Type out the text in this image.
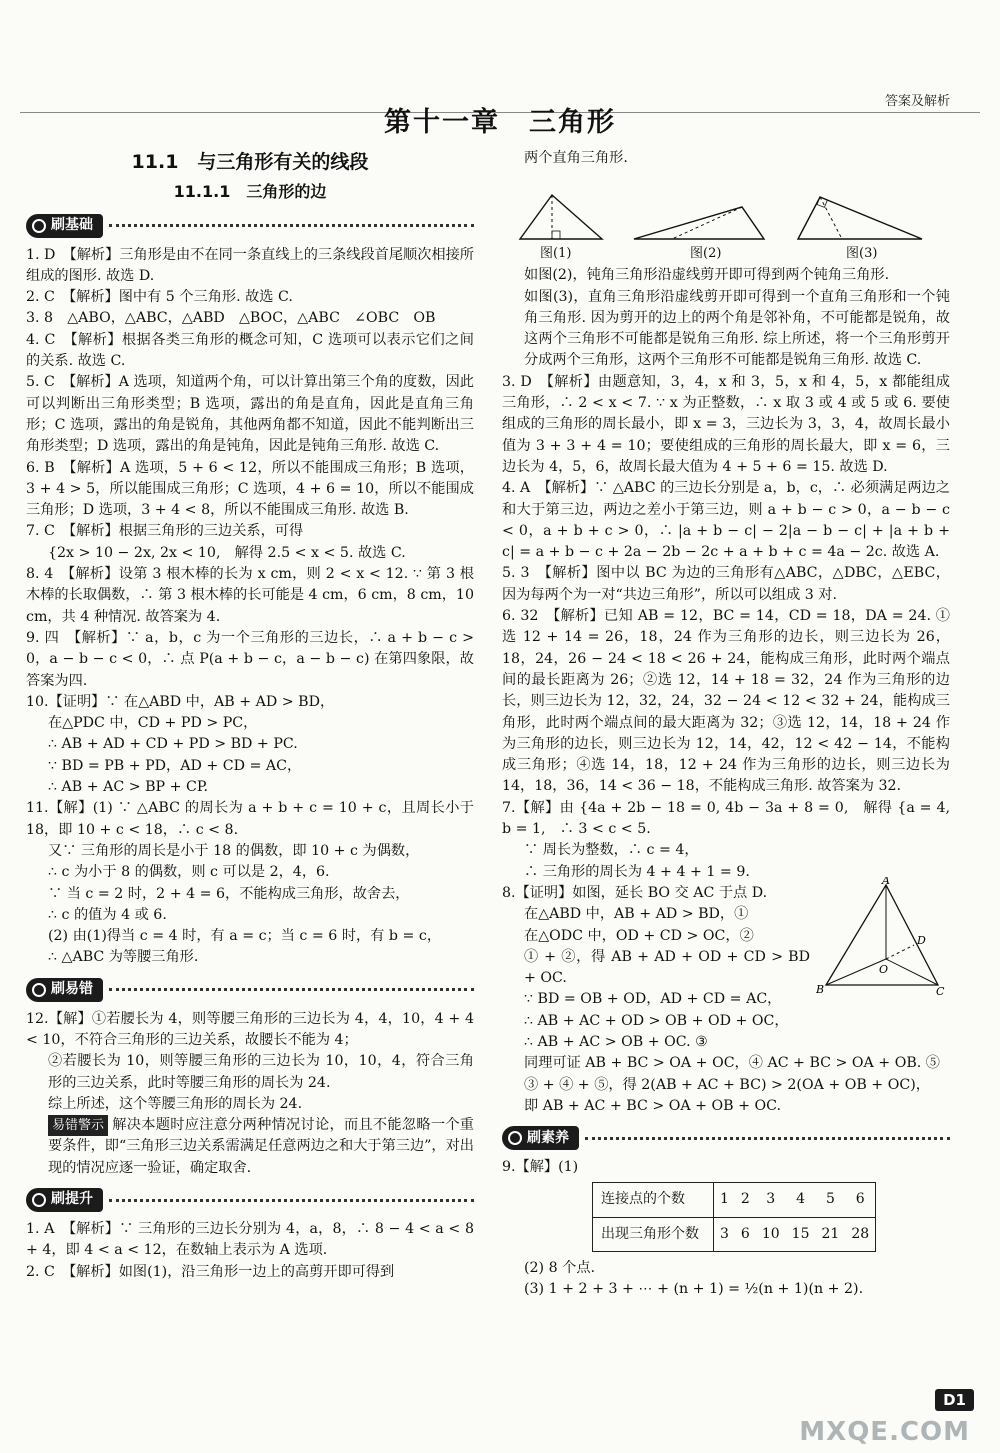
答案及解析
第十一章　三角形
11.1　与三角形有关的线段
11.1.1　三角形的边
刷基础

1. D　【解析】三角形是由不在同一条直线上的三条线段首尾顺次相接所组成的图形. 故选 D.

2. C　【解析】图中有 5 个三角形. 故选 C.

3. 8　△ABO，△ABC，△ABD　△BOC，△ABC　∠OBC　OB

4. C　【解析】根据各类三角形的概念可知，C 选项可以表示它们之间的关系. 故选 C.

5. C　【解析】A 选项，知道两个角，可以计算出第三个角的度数，因此可以判断出三角形类型；B 选项，露出的角是直角，因此是直角三角形；C 选项，露出的角是锐角，其他两角都不知道，因此不能判断出三角形类型；D 选项，露出的角是钝角，因此是钝角三角形. 故选 C.

6. B　【解析】A 选项，5 + 6 < 12，所以不能围成三角形；B 选项，3 + 4 > 5，所以能围成三角形；C 选项，4 + 6 = 10，所以不能围成三角形；D 选项，3 + 4 < 8，所以不能围成三角形. 故选 B.

7. C　【解析】根据三角形的三边关系，可得

{2x > 10 − 2x, 2x < 10,　解得 2.5 < x < 5. 故选 C.

8. 4　【解析】设第 3 根木棒的长为 x cm，则 2 < x < 12. ∵ 第 3 根木棒的长取偶数，∴ 第 3 根木棒的长可能是 4 cm，6 cm，8 cm，10 cm，共 4 种情况. 故答案为 4.

9. 四　【解析】∵ a，b，c 为一个三角形的三边长，∴ a + b − c > 0，a − b − c < 0，∴ 点 P(a + b − c，a − b − c) 在第四象限，故答案为四.

10.【证明】∵ 在△ABD 中，AB + AD > BD，

在△PDC 中，CD + PD > PC，

∴ AB + AD + CD + PD > BD + PC.

∵ BD = PB + PD，AD + CD = AC，

∴ AB + AC > BP + CP.

11.【解】(1) ∵ △ABC 的周长为 a + b + c = 10 + c，且周长小于 18，即 10 + c < 18，∴ c < 8.

又∵ 三角形的周长是小于 18 的偶数，即 10 + c 为偶数，

∴ c 为小于 8 的偶数，则 c 可以是 2，4，6.

∵ 当 c = 2 时，2 + 4 = 6，不能构成三角形，故舍去，

∴ c 的值为 4 或 6.

(2) 由(1)得当 c = 4 时，有 a = c；当 c = 6 时，有 b = c，

∴ △ABC 为等腰三角形.

刷易错

12.【解】①若腰长为 4，则等腰三角形的三边长为 4，4，10，4 + 4 < 10，不符合三角形的三边关系，故腰长不能为 4；

②若腰长为 10，则等腰三角形的三边长为 10，10，4，符合三角形的三边关系，此时等腰三角形的周长为 24.

综上所述，这个等腰三角形的周长为 24.

易错警示 解决本题时应注意分两种情况讨论，而且不能忽略一个重要条件，即“三角形三边关系需满足任意两边之和大于第三边”，对出现的情况应逐一验证，确定取舍.

刷提升

1. A　【解析】∵ 三角形的三边长分别为 4，a，8，∴ 8 − 4 < a < 8 + 4，即 4 < a < 12，在数轴上表示为 A 选项.

2. C　【解析】如图(1)，沿三角形一边上的高剪开即可得到

两个直角三角形.

图(1)	图(2)	图(3)

如图(2)，钝角三角形沿虚线剪开即可得到两个钝角三角形.

如图(3)，直角三角形沿虚线剪开即可得到一个直角三角形和一个钝角三角形. 因为剪开的边上的两个角是邻补角，不可能都是锐角，故这两个三角形不可能都是锐角三角形. 综上所述，将一个三角形剪开分成两个三角形，这两个三角形不可能都是锐角三角形. 故选 C.

3. D　【解析】由题意知，3，4，x 和 3，5，x 和 4，5，x 都能组成三角形，∴ 2 < x < 7. ∵ x 为正整数，∴ x 取 3 或 4 或 5 或 6. 要使组成的三角形的周长最小，即 x = 3，三边长为 3，3，4，故周长最小值为 3 + 3 + 4 = 10；要使组成的三角形的周长最大，即 x = 6，三边长为 4，5，6，故周长最大值为 4 + 5 + 6 = 15. 故选 D.

4. A　【解析】∵ △ABC 的三边长分别是 a，b，c，∴ 必须满足两边之和大于第三边，两边之差小于第三边，则 a + b − c > 0，a − b − c < 0，a + b + c > 0，∴ |a + b − c| − 2|a − b − c| + |a + b + c| = a + b − c + 2a − 2b − 2c + a + b + c = 4a − 2c. 故选 A.

5. 3　【解析】图中以 BC 为边的三角形有△ABC，△DBC，△EBC，因为每两个为一对“共边三角形”，所以可以组成 3 对.

6. 32　【解析】已知 AB = 12，BC = 14，CD = 18，DA = 24. ①选 12 + 14 = 26，18，24 作为三角形的边长，则三边长为 26，18，24，26 − 24 < 18 < 26 + 24，能构成三角形，此时两个端点间的最长距离为 26；②选 12，14 + 18 = 32，24 作为三角形的边长，则三边长为 12，32，24，32 − 24 < 12 < 32 + 24，能构成三角形，此时两个端点间的最大距离为 32；③选 12，14，18 + 24 作为三角形的边长，则三边长为 12，14，42，12 < 42 − 14，不能构成三角形；④选 14，18，12 + 24 作为三角形的边长，则三边长为 14，18，36，14 < 36 − 18，不能构成三角形. 故答案为 32.

7.【解】由 {4a + 2b − 18 = 0, 4b − 3a + 8 = 0,　解得 {a = 4, b = 1,　∴ 3 < c < 5.

∵ 周长为整数，∴ c = 4，

∴ 三角形的周长为 4 + 4 + 1 = 9.

A
B	C
D
O

8.【证明】如图，延长 BO 交 AC 于点 D.

在△ABD 中，AB + AD > BD，①

在△ODC 中，OD + CD > OC，②

① + ②，得 AB + AD + OD + CD > BD + OC.

∵ BD = OB + OD，AD + CD = AC，

∴ AB + AC + OD > OB + OD + OC，

∴ AB + AC > OB + OC. ③

同理可证 AB + BC > OA + OC，④ AC + BC > OA + OB. ⑤

③ + ④ + ⑤，得 2(AB + AC + BC) > 2(OA + OB + OC)，

即 AB + AC + BC > OA + OB + OC.

刷素养

9.【解】(1)

连接点的个数	1	2	3	4	5	6
出现三角形个数	3	6	10	15	21	28

(2) 8 个点.

(3) 1 + 2 + 3 + ⋯ + (n + 1) = ½(n + 1)(n + 2).

D1
MXQE.COM
